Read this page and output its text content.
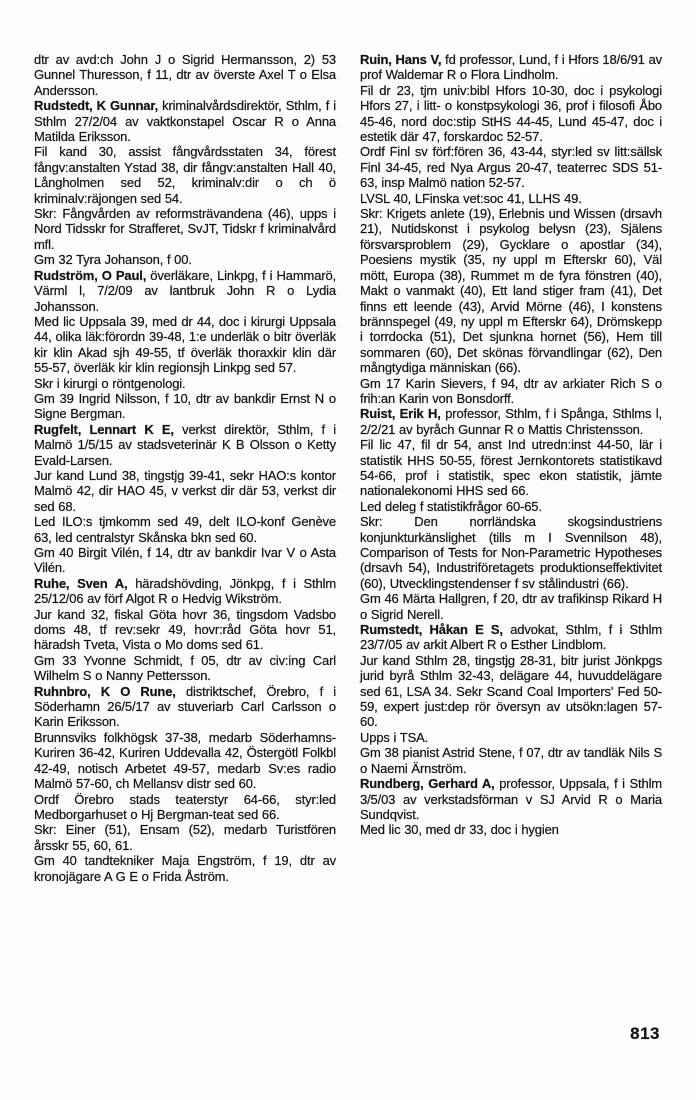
dtr av avd:ch John J o Sigrid Hermansson, 2) 53 Gunnel Thuresson, f 11, dtr av överste Axel T o Elsa Andersson.

Rudstedt, K Gunnar, kriminalvårdsdirektör, Sthlm, f i Sthlm 27/2/04 av vaktkonstapel Oscar R o Anna Matilda Eriksson.

Fil kand 30, assist fångvårdsstaten 34, förest fångv:anstalten Ystad 38, dir fångv:anstalten Hall 40, Långholmen sed 52, kriminalv:dir o ch ö kriminalv:räjongen sed 54.

Skr: Fångvården av reformsträvandena (46), upps i Nord Tidsskr for Strafferet, SvJT, Tidskr f kriminalvård mfl.

Gm 32 Tyra Johanson, f 00.

Rudström, O Paul, överläkare, Linkpg, f i Hammarö, Värml l, 7/2/09 av lantbruk John R o Lydia Johansson.

Med lic Uppsala 39, med dr 44, doc i kirurgi Uppsala 44, olika läk:förordn 39-48, 1:e underläk o bitr överläk kir klin Akad sjh 49-55, tf överläk thoraxkir klin där 55-57, överläk kir klin regionsjh Linkpg sed 57.

Skr i kirurgi o röntgenologi.

Gm 39 Ingrid Nilsson, f 10, dtr av bankdir Ernst N o Signe Bergman.

Rugfelt, Lennart K E, verkst direktör, Sthlm, f i Malmö 1/5/15 av stadsveterinär K B Olsson o Ketty Evald-Larsen.

Jur kand Lund 38, tingstjg 39-41, sekr HAO:s kontor Malmö 42, dir HAO 45, v verkst dir där 53, verkst dir sed 68.

Led ILO:s tjmkomm sed 49, delt ILO-konf Genève 63, led centralstyr Skånska bkn sed 60.

Gm 40 Birgit Vilén, f 14, dtr av bankdir Ivar V o Asta Vilén.

Ruhe, Sven A, häradshövding, Jönkpg, f i Sthlm 25/12/06 av förf Algot R o Hedvig Wikström.

Jur kand 32, fiskal Göta hovr 36, tingsdom Vadsbo doms 48, tf rev:sekr 49, hovr:råd Göta hovr 51, häradsh Tveta, Vista o Mo doms sed 61.

Gm 33 Yvonne Schmidt, f 05, dtr av civ:ing Carl Wilhelm S o Nanny Pettersson.

Ruhnbro, K O Rune, distriktschef, Örebro, f i Söderhamn 26/5/17 av stuveriarb Carl Carlsson o Karin Eriksson.

Brunnsviks folkhögsk 37-38, medarb Söderhamns-Kuriren 36-42, Kuriren Uddevalla 42, Östergötl Folkbl 42-49, notisch Arbetet 49-57, medarb Sv:es radio Malmö 57-60, ch Mellansv distr sed 60.

Ordf Örebro stads teaterstyr 64-66, styr:led Medborgarhuset o Hj Bergman-teat sed 66.

Skr: Einer (51), Ensam (52), medarb Turistfören årsskr 55, 60, 61.

Gm 40 tandtekniker Maja Engström, f 19, dtr av kronojägare A G E o Frida Åström.

Ruin, Hans V, fd professor, Lund, f i Hfors 18/6/91 av prof Waldemar R o Flora Lindholm.

Fil dr 23, tjm univ:bibl Hfors 10-30, doc i psykologi Hfors 27, i litt- o konstpsykologi 36, prof i filosofi Åbo 45-46, nord doc:stip StHS 44-45, Lund 45-47, doc i estetik där 47, forskardoc 52-57.

Ordf Finl sv förf:fören 36, 43-44, styr:led sv litt:sällsk Finl 34-45, red Nya Argus 20-47, teaterrec SDS 51-63, insp Malmö nation 52-57.

LVSL 40, LFinska vet:soc 41, LLHS 49.

Skr: Krigets anlete (19), Erlebnis und Wissen (drsavh 21), Nutidskonst i psykolog belysn (23), Själens försvarsproblem (29), Gycklare o apostlar (34), Poesiens mystik (35, ny uppl m Efterskr 60), Väl mött, Europa (38), Rummet m de fyra fönstren (40), Makt o vanmakt (40), Ett land stiger fram (41), Det finns ett leende (43), Arvid Mörne (46), I konstens brännspegel (49, ny uppl m Efterskr 64), Drömskepp i torrdocka (51), Det sjunkna hornet (56), Hem till sommaren (60), Det skönas förvandlingar (62), Den mångtydiga människan (66).

Gm 17 Karin Sievers, f 94, dtr av arkiater Rich S o frih:an Karin von Bonsdorff.

Ruist, Erik H, professor, Sthlm, f i Spånga, Sthlms l, 2/2/21 av byråch Gunnar R o Mattis Christensson.

Fil lic 47, fil dr 54, anst Ind utredn:inst 44-50, lär i statistik HHS 50-55, förest Jernkontorets statistikavd 54-66, prof i statistik, spec ekon statistik, jämte nationalekonomi HHS sed 66.

Led deleg f statistikfrågor 60-65.

Skr: Den norrländska skogsindustriens konjunkturkänslighet (tills m I Svennilson 48), Comparison of Tests for Non-Parametric Hypotheses (drsavh 54), Industriföretagets produktionseffektivitet (60), Utvecklingstendenser f sv stålindustri (66).

Gm 46 Märta Hallgren, f 20, dtr av trafikinsp Rikard H o Sigrid Nerell.

Rumstedt, Håkan E S, advokat, Sthlm, f i Sthlm 23/7/05 av arkit Albert R o Esther Lindblom.

Jur kand Sthlm 28, tingstjg 28-31, bitr jurist Jönkpgs jurid byrå Sthlm 32-43, delägare 44, huvuddelägare sed 61, LSA 34. Sekr Scand Coal Importers' Fed 50-59, expert just:dep rör översyn av utsökn:lagen 57-60.

Upps i TSA.

Gm 38 pianist Astrid Stene, f 07, dtr av tandläk Nils S o Naemi Ärnström.

Rundberg, Gerhard A, professor, Uppsala, f i Sthlm 3/5/03 av verkstadsförman v SJ Arvid R o Maria Sundqvist.

Med lic 30, med dr 33, doc i hygien

813
